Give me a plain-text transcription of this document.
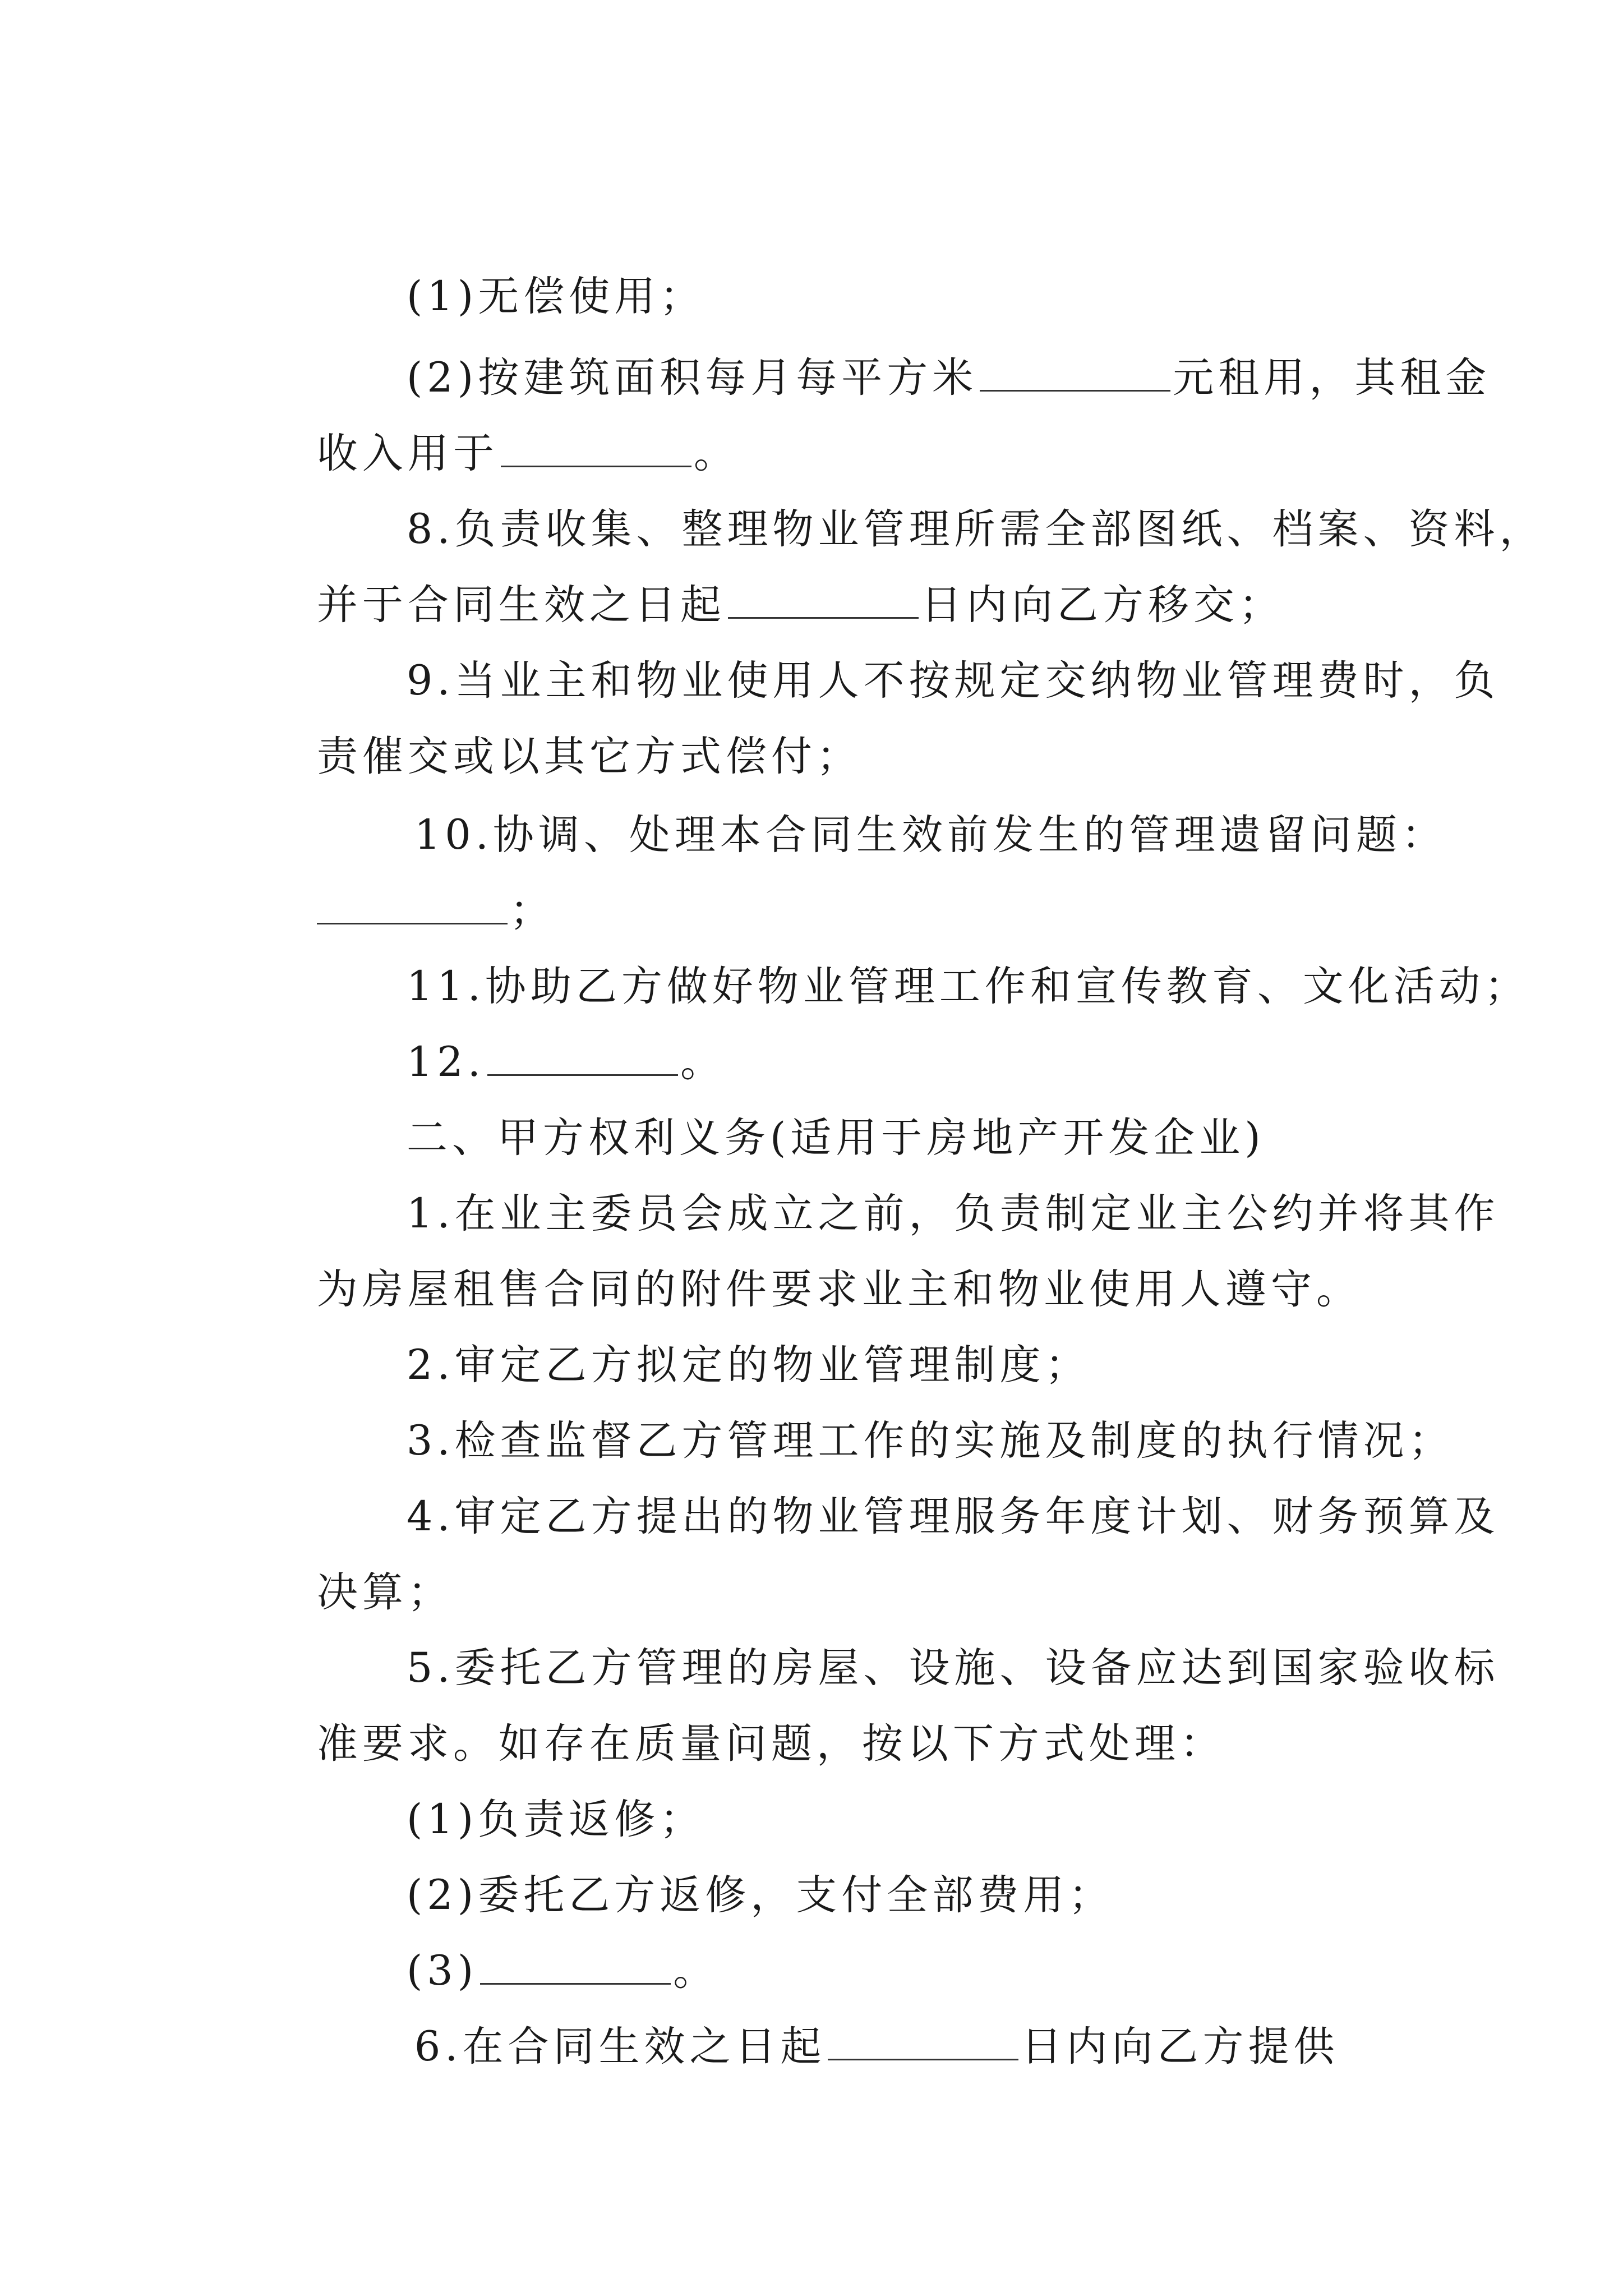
(1)无偿使用；

(2)按建筑面积每月每平方米	元租用，其租金

收入用于	。

8.负责收集、整理物业管理所需全部图纸、档案、资料，

并于合同生效之日起	日内向乙方移交；

9.当业主和物业使用人不按规定交纳物业管理费时，负

责催交或以其它方式偿付；

10.协调、处理本合同生效前发生的管理遗留问题：

；

11.协助乙方做好物业管理工作和宣传教育、文化活动；

12.	。

二、甲方权利义务(适用于房地产开发企业)

1.在业主委员会成立之前，负责制定业主公约并将其作

为房屋租售合同的附件要求业主和物业使用人遵守。

2.审定乙方拟定的物业管理制度；

3.检查监督乙方管理工作的实施及制度的执行情况；

4.审定乙方提出的物业管理服务年度计划、财务预算及

决算；

5.委托乙方管理的房屋、设施、设备应达到国家验收标

准要求。如存在质量问题，按以下方式处理：

(1)负责返修；

(2)委托乙方返修，支付全部费用；

(3)	。

6.在合同生效之日起	日内向乙方提供
